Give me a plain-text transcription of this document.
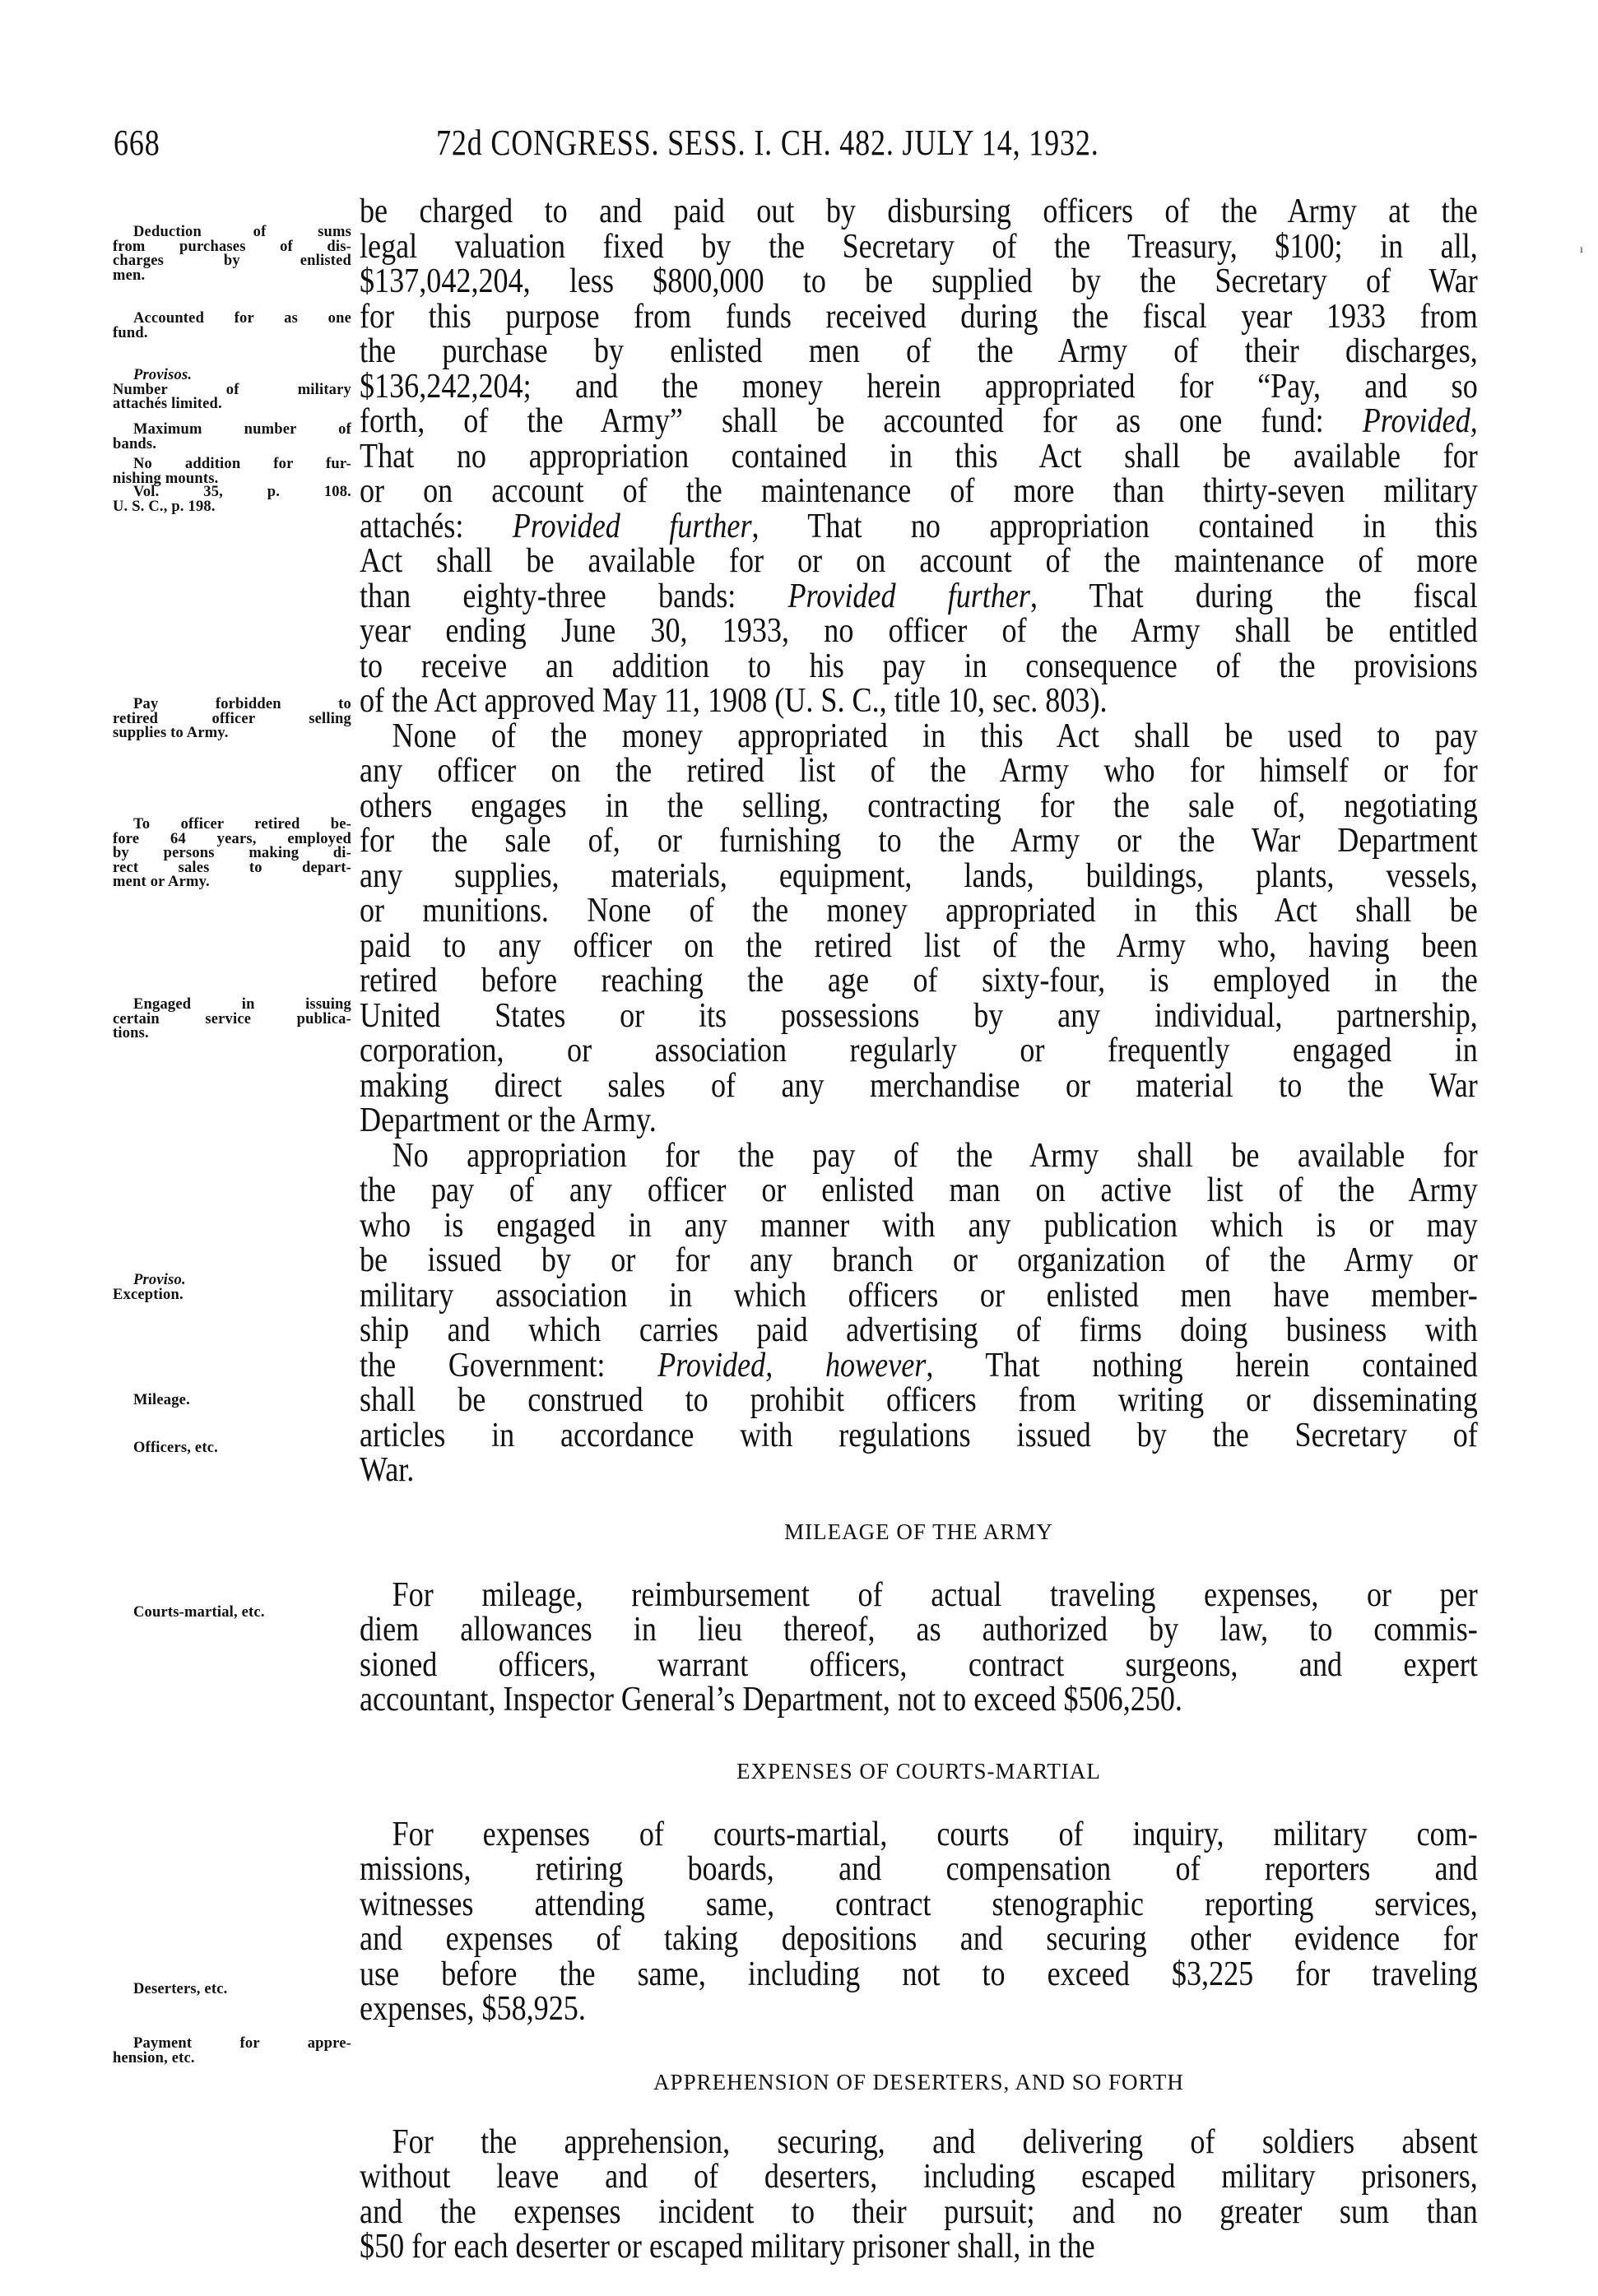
668	72d CONGRESS. SESS. I. CH. 482. JULY 14, 1932.
Deduction of sums
from purchases of dis-
charges by enlisted
men.
Accounted for as one
fund.
Provisos.
Number of military
attachés limited.
Maximum number of
bands.
No addition for fur-
nishing mounts.
Vol. 35, p. 108.
U. S. C., p. 198.
Pay forbidden to
retired officer selling
supplies to Army.
To officer retired be-
fore 64 years, employed
by persons making di-
rect sales to depart-
ment or Army.
Engaged in issuing
certain service publica-
tions.
Proviso.
Exception.
Mileage.
Officers, etc.
Courts-martial, etc.
Deserters, etc.
Payment for appre-
hension, etc.
be charged to and paid out by disbursing officers of the Army at the
legal valuation fixed by the Secretary of the Treasury, $100; in all,
$137,042,204, less $800,000 to be supplied by the Secretary of War
for this purpose from funds received during the fiscal year 1933 from
the purchase by enlisted men of the Army of their discharges,
$136,242,204; and the money herein appropriated for “Pay, and so
forth, of the Army” shall be accounted for as one fund: Provided,
That no appropriation contained in this Act shall be available for
or on account of the maintenance of more than thirty-seven military
attachés: Provided further, That no appropriation contained in this
Act shall be available for or on account of the maintenance of more
than eighty-three bands: Provided further, That during the fiscal
year ending June 30, 1933, no officer of the Army shall be entitled
to receive an addition to his pay in consequence of the provisions
of the Act approved May 11, 1908 (U. S. C., title 10, sec. 803).
None of the money appropriated in this Act shall be used to pay
any officer on the retired list of the Army who for himself or for
others engages in the selling, contracting for the sale of, negotiating
for the sale of, or furnishing to the Army or the War Department
any supplies, materials, equipment, lands, buildings, plants, vessels,
or munitions. None of the money appropriated in this Act shall be
paid to any officer on the retired list of the Army who, having been
retired before reaching the age of sixty-four, is employed in the
United States or its possessions by any individual, partnership,
corporation, or association regularly or frequently engaged in
making direct sales of any merchandise or material to the War
Department or the Army.
No appropriation for the pay of the Army shall be available for
the pay of any officer or enlisted man on active list of the Army
who is engaged in any manner with any publication which is or may
be issued by or for any branch or organization of the Army or
military association in which officers or enlisted men have member-
ship and which carries paid advertising of firms doing business with
the Government: Provided, however, That nothing herein contained
shall be construed to prohibit officers from writing or disseminating
articles in accordance with regulations issued by the Secretary of
War.
MILEAGE OF THE ARMY
For mileage, reimbursement of actual traveling expenses, or per
diem allowances in lieu thereof, as authorized by law, to commis-
sioned officers, warrant officers, contract surgeons, and expert
accountant, Inspector General’s Department, not to exceed $506,250.
EXPENSES OF COURTS-MARTIAL
For expenses of courts-martial, courts of inquiry, military com-
missions, retiring boards, and compensation of reporters and
witnesses attending same, contract stenographic reporting services,
and expenses of taking depositions and securing other evidence for
use before the same, including not to exceed $3,225 for traveling
expenses, $58,925.
APPREHENSION OF DESERTERS, AND SO FORTH
For the apprehension, securing, and delivering of soldiers absent
without leave and of deserters, including escaped military prisoners,
and the expenses incident to their pursuit; and no greater sum than
$50 for each deserter or escaped military prisoner shall, in the
ı
